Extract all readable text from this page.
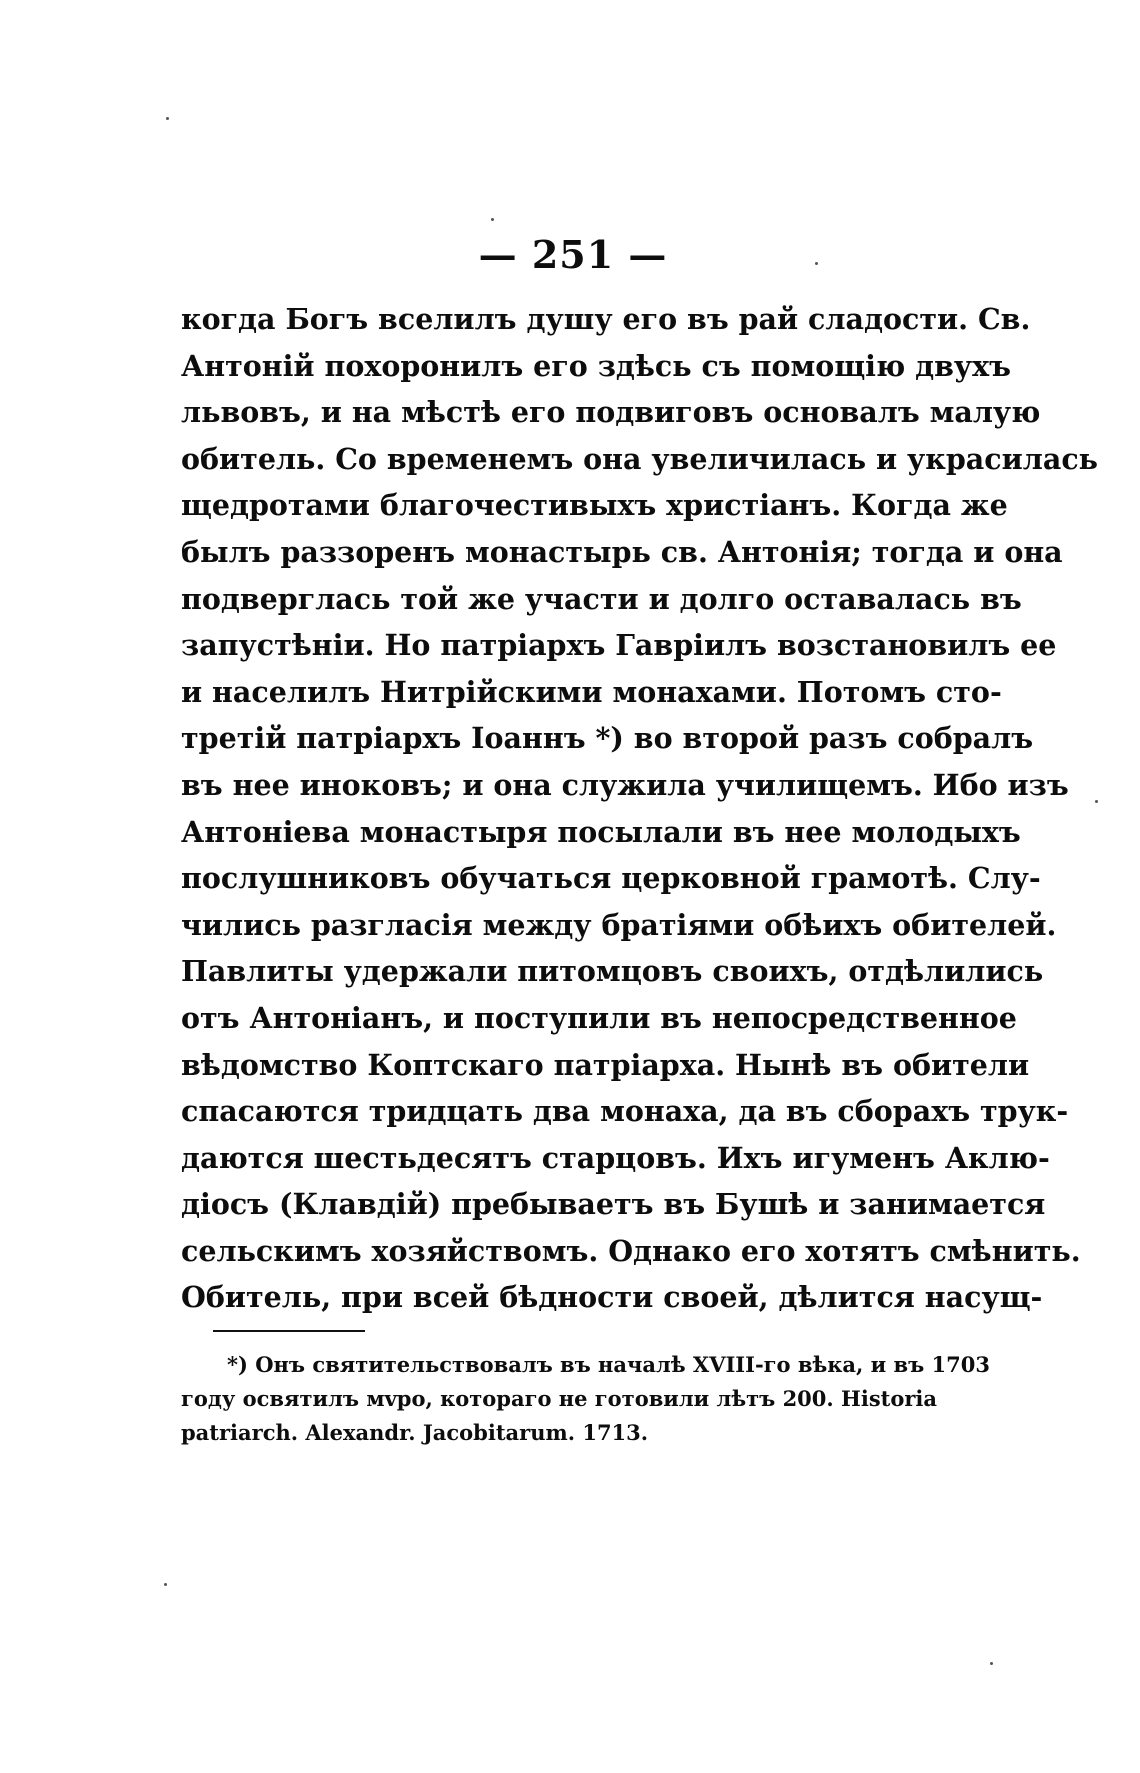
— 251 —
когда Богъ вселилъ душу его въ рай сладости. Св.
Антоній похоронилъ его здѣсь съ помощію двухъ
львовъ, и на мѣстѣ его подвиговъ основалъ малую
обитель. Со временемъ она увеличилась и украсилась
щедротами благочестивыхъ христіанъ. Когда же
былъ раззоренъ монастырь св. Антонія; тогда и она
подверглась той же участи и долго оставалась въ
запустѣніи. Но патріархъ Гавріилъ возстановилъ ее
и населилъ Нитрійскими монахами. Потомъ сто-
третій патріархъ Іоаннъ *) во второй разъ собралъ
въ нее иноковъ; и она служила училищемъ. Ибо изъ
Антоніева монастыря посылали въ нее молодыхъ
послушниковъ обучаться церковной грамотѣ. Слу-
чились разгласія между братіями обѣихъ обителей.
Павлиты удержали питомцовъ своихъ, отдѣлились
отъ Антоніанъ, и поступили въ непосредственное
вѣдомство Коптскаго патріарха. Нынѣ въ обители
спасаются тридцать два монаха, да въ сборахъ трук-
даются шестьдесятъ старцовъ. Ихъ игуменъ Аклю-
діосъ (Клавдій) пребываетъ въ Бушѣ и занимается
сельскимъ хозяйствомъ. Однако его хотятъ смѣнить.
Обитель, при всей бѣдности своей, дѣлится насущ-
*) Онъ святительствовалъ въ началѣ XVIII-го вѣка, и въ 1703
году освятилъ мvро, которaго не готовили лѣтъ 200. Historia
patriarch. Alexandr. Jacobitarum. 1713.
